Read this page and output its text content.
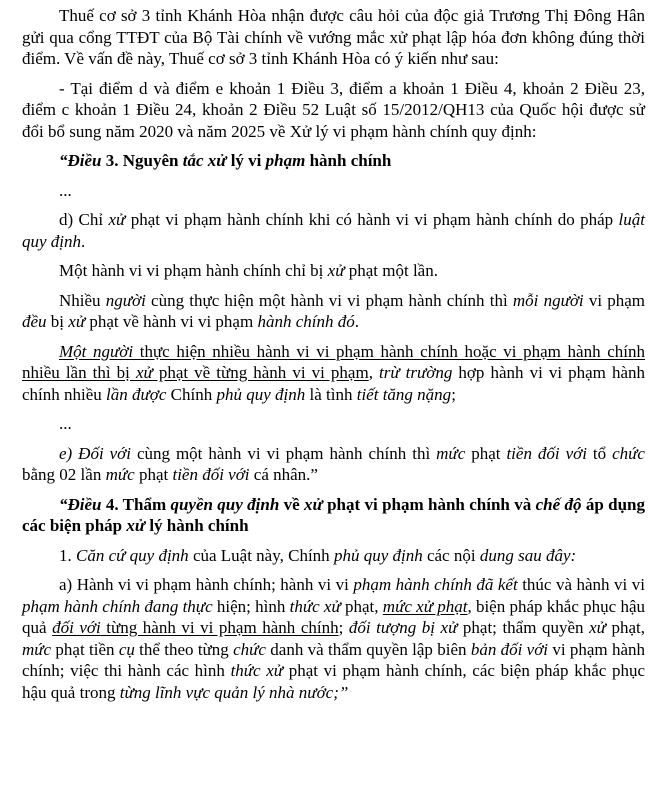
Thuế cơ sở 3 tỉnh Khánh Hòa nhận được câu hỏi của độc giả Trương Thị Đông Hân gửi qua cổng TTĐT của Bộ Tài chính về vướng mắc xử phạt lập hóa đơn không đúng thời điểm. Về vấn đề này, Thuế cơ sở 3 tỉnh Khánh Hòa có ý kiến như sau:

- Tại điểm d và điểm e khoản 1 Điều 3, điểm a khoản 1 Điều 4, khoản 2 Điều 23, điểm c khoản 1 Điều 24, khoản 2 Điều 52 Luật số 15/2012/QH13 của Quốc hội được sử đổi bổ sung năm 2020 và năm 2025 về Xử lý vi phạm hành chính quy định:

“Điều 3. Nguyên tắc xử lý vi phạm hành chính

...

d) Chỉ xử phạt vi phạm hành chính khi có hành vi vi phạm hành chính do pháp luật quy định.

Một hành vi vi phạm hành chính chỉ bị xử phạt một lần.

Nhiều người cùng thực hiện một hành vi vi phạm hành chính thì mỗi người vi phạm đều bị xử phạt về hành vi vi phạm hành chính đó.

Một người thực hiện nhiều hành vi vi phạm hành chính hoặc vi phạm hành chính nhiều lần thì bị xử phạt về từng hành vi vi phạm, trừ trường hợp hành vi vi phạm hành chính nhiều lần được Chính phủ quy định là tình tiết tăng nặng;

...

e) Đối với cùng một hành vi vi phạm hành chính thì mức phạt tiền đối với tổ chức bằng 02 lần mức phạt tiền đối với cá nhân.”

“Điều 4. Thẩm quyền quy định về xử phạt vi phạm hành chính và chế độ áp dụng các biện pháp xử lý hành chính

1. Căn cứ quy định của Luật này, Chính phủ quy định các nội dung sau đây:

a) Hành vi vi phạm hành chính; hành vi vi phạm hành chính đã kết thúc và hành vi vi phạm hành chính đang thực hiện; hình thức xử phạt, mức xử phạt, biện pháp khắc phục hậu quả đối với từng hành vi vi phạm hành chính; đối tượng bị xử phạt; thẩm quyền xử phạt, mức phạt tiền cụ thể theo từng chức danh và thẩm quyền lập biên bản đối với vi phạm hành chính; việc thi hành các hình thức xử phạt vi phạm hành chính, các biện pháp khắc phục hậu quả trong từng lĩnh vực quản lý nhà nước;”
